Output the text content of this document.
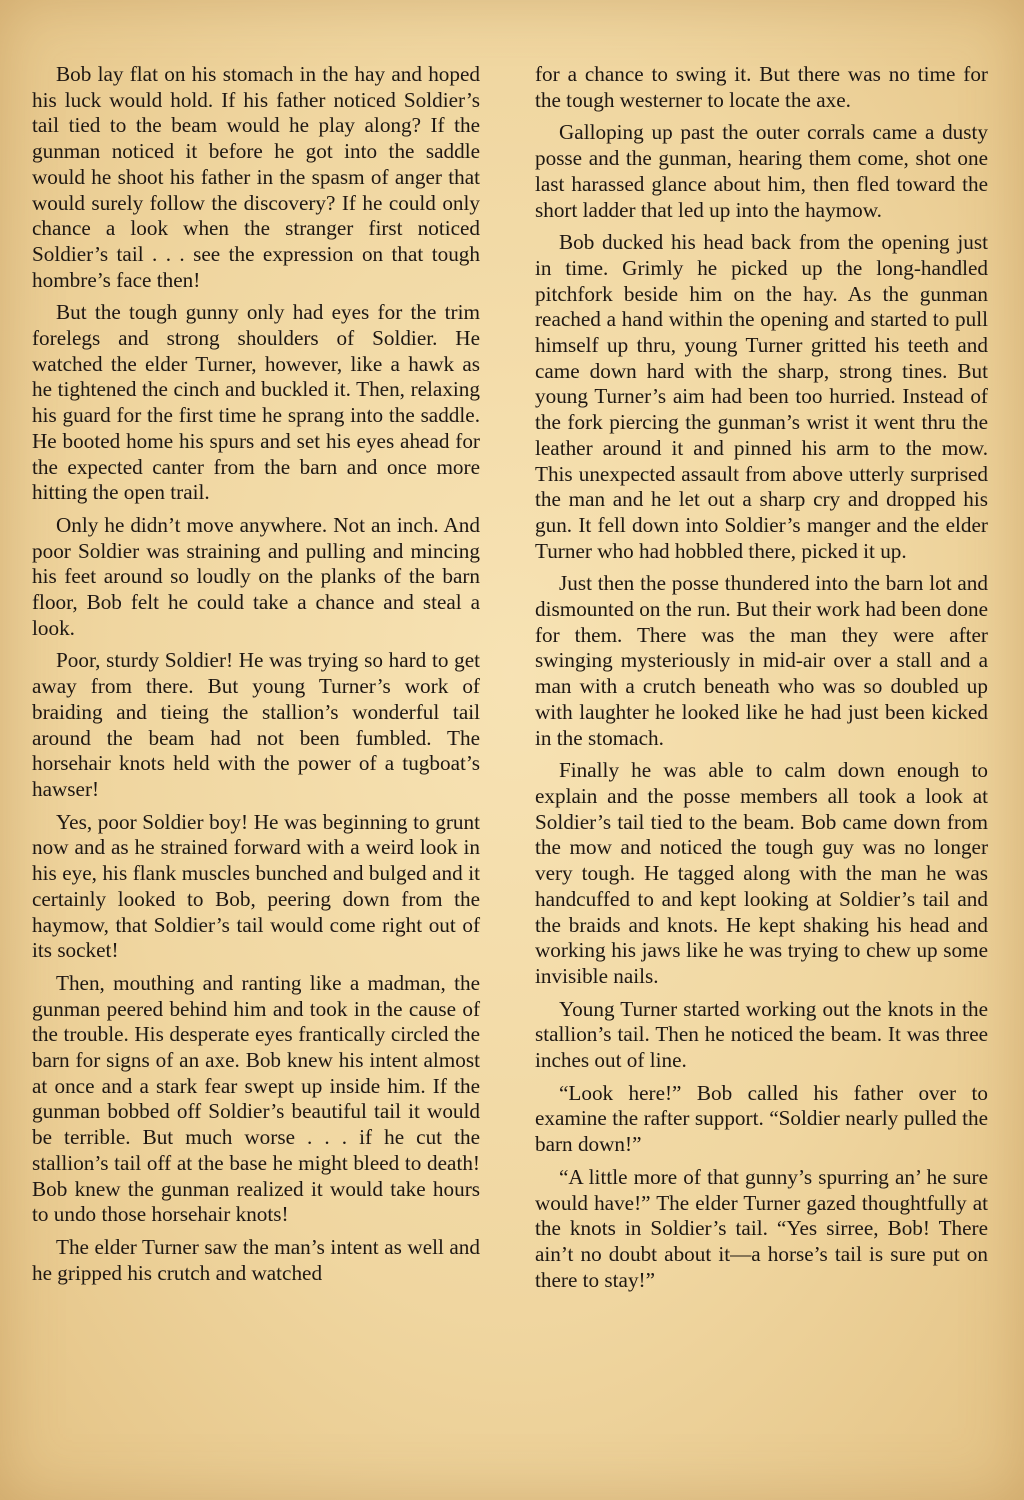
Bob lay flat on his stomach in the hay and hoped his luck would hold. If his father noticed Soldier’s tail tied to the beam would he play along? If the gunman noticed it before he got into the saddle would he shoot his father in the spasm of anger that would surely follow the discovery? If he could only chance a look when the stranger first noticed Soldier’s tail . . . see the expression on that tough hombre’s face then!

But the tough gunny only had eyes for the trim forelegs and strong shoulders of Soldier. He watched the elder Turner, however, like a hawk as he tightened the cinch and buckled it. Then, relaxing his guard for the first time he sprang into the saddle. He booted home his spurs and set his eyes ahead for the expected canter from the barn and once more hitting the open trail.

Only he didn’t move anywhere. Not an inch. And poor Soldier was straining and pulling and mincing his feet around so loudly on the planks of the barn floor, Bob felt he could take a chance and steal a look.

Poor, sturdy Soldier! He was trying so hard to get away from there. But young Turner’s work of braiding and tieing the stallion’s wonderful tail around the beam had not been fumbled. The horsehair knots held with the power of a tugboat’s hawser!

Yes, poor Soldier boy! He was beginning to grunt now and as he strained forward with a weird look in his eye, his flank muscles bunched and bulged and it certainly looked to Bob, peering down from the haymow, that Soldier’s tail would come right out of its socket!

Then, mouthing and ranting like a madman, the gunman peered behind him and took in the cause of the trouble. His desperate eyes frantically circled the barn for signs of an axe. Bob knew his intent almost at once and a stark fear swept up inside him. If the gunman bobbed off Soldier’s beautiful tail it would be terrible. But much worse . . . if he cut the stallion’s tail off at the base he might bleed to death! Bob knew the gunman realized it would take hours to undo those horsehair knots!

The elder Turner saw the man’s intent as well and he gripped his crutch and watched

for a chance to swing it. But there was no time for the tough westerner to locate the axe.

Galloping up past the outer corrals came a dusty posse and the gunman, hearing them come, shot one last harassed glance about him, then fled toward the short ladder that led up into the haymow.

Bob ducked his head back from the opening just in time. Grimly he picked up the long-handled pitchfork beside him on the hay. As the gunman reached a hand within the opening and started to pull himself up thru, young Turner gritted his teeth and came down hard with the sharp, strong tines. But young Turner’s aim had been too hurried. Instead of the fork piercing the gunman’s wrist it went thru the leather around it and pinned his arm to the mow. This unexpected assault from above utterly surprised the man and he let out a sharp cry and dropped his gun. It fell down into Soldier’s manger and the elder Turner who had hobbled there, picked it up.

Just then the posse thundered into the barn lot and dismounted on the run. But their work had been done for them. There was the man they were after swinging mysteriously in mid-air over a stall and a man with a crutch beneath who was so doubled up with laughter he looked like he had just been kicked in the stomach.

Finally he was able to calm down enough to explain and the posse members all took a look at Soldier’s tail tied to the beam. Bob came down from the mow and noticed the tough guy was no longer very tough. He tagged along with the man he was handcuffed to and kept looking at Soldier’s tail and the braids and knots. He kept shaking his head and working his jaws like he was trying to chew up some invisible nails.

Young Turner started working out the knots in the stallion’s tail. Then he noticed the beam. It was three inches out of line.

“Look here!” Bob called his father over to examine the rafter support. “Soldier nearly pulled the barn down!”

“A little more of that gunny’s spurring an’ he sure would have!” The elder Turner gazed thoughtfully at the knots in Soldier’s tail. “Yes sirree, Bob! There ain’t no doubt about it—a horse’s tail is sure put on there to stay!”
